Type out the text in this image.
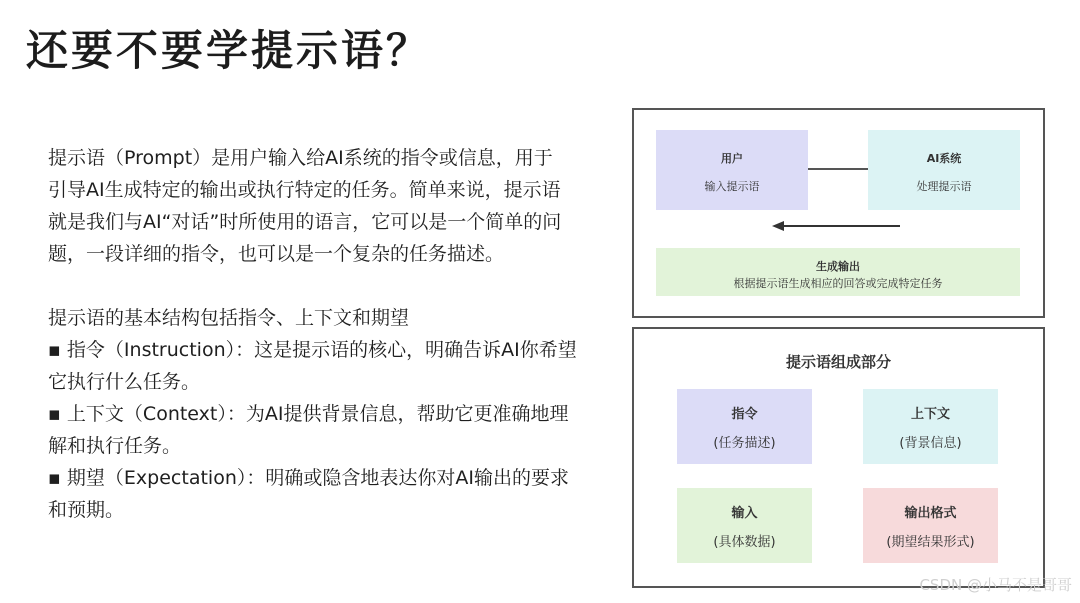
还要不要学提示语？

提示语（Prompt）是用户输入给AI系统的指令或信息，用于

引导AI生成特定的输出或执行特定的任务。简单来说，提示语

就是我们与AI“对话”时所使用的语言，它可以是一个简单的问

题，一段详细的指令，也可以是一个复杂的任务描述。

提示语的基本结构包括指令、上下文和期望

▪ 指令（Instruction）：这是提示语的核心，明确告诉AI你希望

它执行什么任务。

▪ 上下文（Context）：为AI提供背景信息，帮助它更准确地理

解和执行任务。

▪ 期望（Expectation）：明确或隐含地表达你对AI输出的要求

和预期。

用户
输入提示语
AI系统
处理提示语
生成输出
根据提示语生成相应的回答或完成特定任务
提示语组成部分
指令
(任务描述)
上下文
(背景信息)
输入
(具体数据)
输出格式
(期望结果形式)
CSDN @小马不是哥哥
